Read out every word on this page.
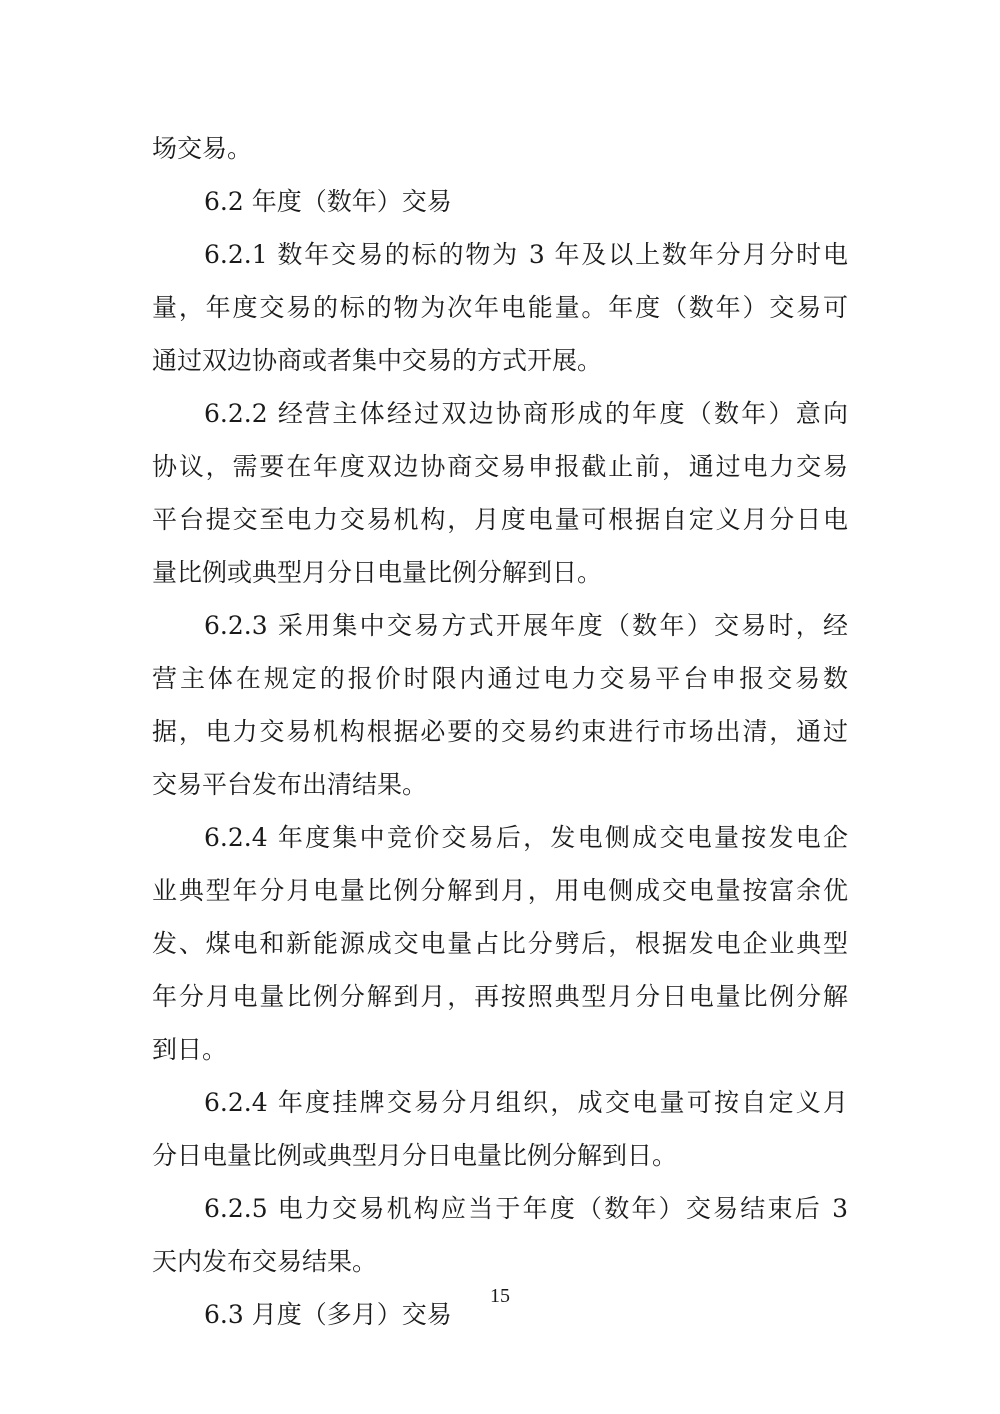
场交易。
6.2 年度（数年）交易
6.2.1 数年交易的标的物为 3 年及以上数年分月分时电
量，年度交易的标的物为次年电能量。年度（数年）交易可
通过双边协商或者集中交易的方式开展。
6.2.2 经营主体经过双边协商形成的年度（数年）意向
协议，需要在年度双边协商交易申报截止前，通过电力交易
平台提交至电力交易机构，月度电量可根据自定义月分日电
量比例或典型月分日电量比例分解到日。
6.2.3 采用集中交易方式开展年度（数年）交易时，经
营主体在规定的报价时限内通过电力交易平台申报交易数
据，电力交易机构根据必要的交易约束进行市场出清，通过
交易平台发布出清结果。
6.2.4 年度集中竞价交易后，发电侧成交电量按发电企
业典型年分月电量比例分解到月，用电侧成交电量按富余优
发、煤电和新能源成交电量占比分劈后，根据发电企业典型
年分月电量比例分解到月，再按照典型月分日电量比例分解
到日。
6.2.4 年度挂牌交易分月组织，成交电量可按自定义月
分日电量比例或典型月分日电量比例分解到日。
6.2.5 电力交易机构应当于年度（数年）交易结束后 3
天内发布交易结果。
6.3 月度（多月）交易
15
